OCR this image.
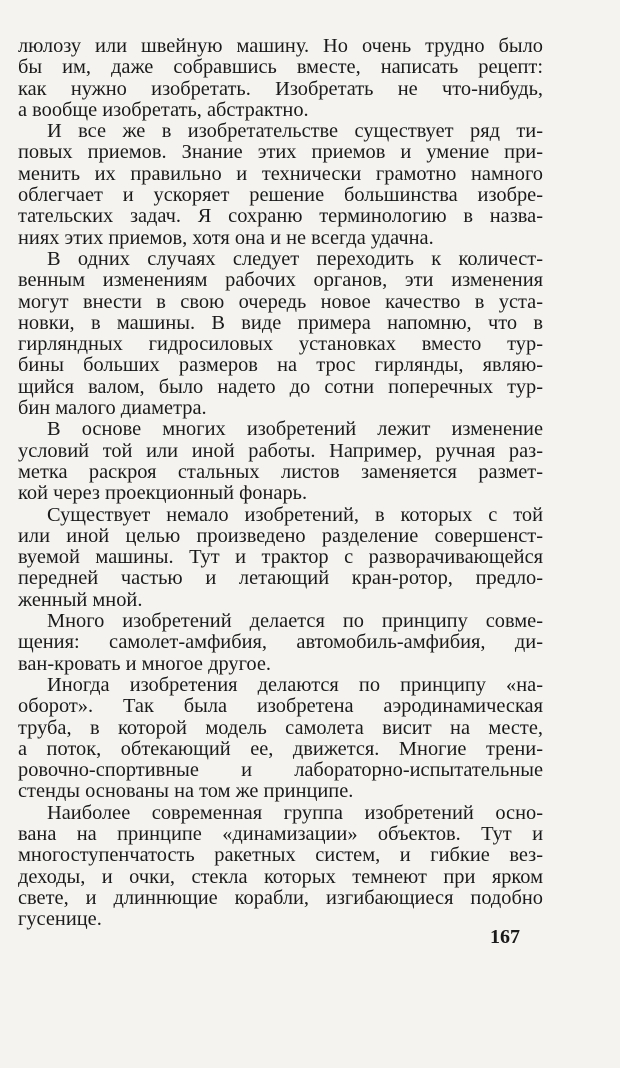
люлозу или швейную машину. Но очень трудно было
бы им, даже собравшись вместе, написать рецепт:
как нужно изобретать. Изобретать не что-нибудь,
а вообще изобретать, абстрактно.
И все же в изобретательстве существует ряд ти-
повых приемов. Знание этих приемов и умение при-
менить их правильно и технически грамотно намного
облегчает и ускоряет решение большинства изобре-
тательских задач. Я сохраню терминологию в назва-
ниях этих приемов, хотя она и не всегда удачна.
В одних случаях следует переходить к количест-
венным изменениям рабочих органов, эти изменения
могут внести в свою очередь новое качество в уста-
новки, в машины. В виде примера напомню, что в
гирляндных гидросиловых установках вместо тур-
бины больших размеров на трос гирлянды, являю-
щийся валом, было надето до сотни поперечных тур-
бин малого диаметра.
В основе многих изобретений лежит изменение
условий той или иной работы. Например, ручная раз-
метка раскроя стальных листов заменяется размет-
кой через проекционный фонарь.
Существует немало изобретений, в которых с той
или иной целью произведено разделение совершенст-
вуемой машины. Тут и трактор с разворачивающейся
передней частью и летающий кран-ротор, предло-
женный мной.
Много изобретений делается по принципу совме-
щения: самолет-амфибия, автомобиль-амфибия, ди-
ван-кровать и многое другое.
Иногда изобретения делаются по принципу «на-
оборот». Так была изобретена аэродинамическая
труба, в которой модель самолета висит на месте,
а поток, обтекающий ее, движется. Многие трени-
ровочно-спортивные и лабораторно-испытательные
стенды основаны на том же принципе.
Наиболее современная группа изобретений осно-
вана на принципе «динамизации» объектов. Тут и
многоступенчатость ракетных систем, и гибкие вез-
деходы, и очки, стекла которых темнеют при ярком
свете, и длиннющие корабли, изгибающиеся подобно
гусенице.
167
